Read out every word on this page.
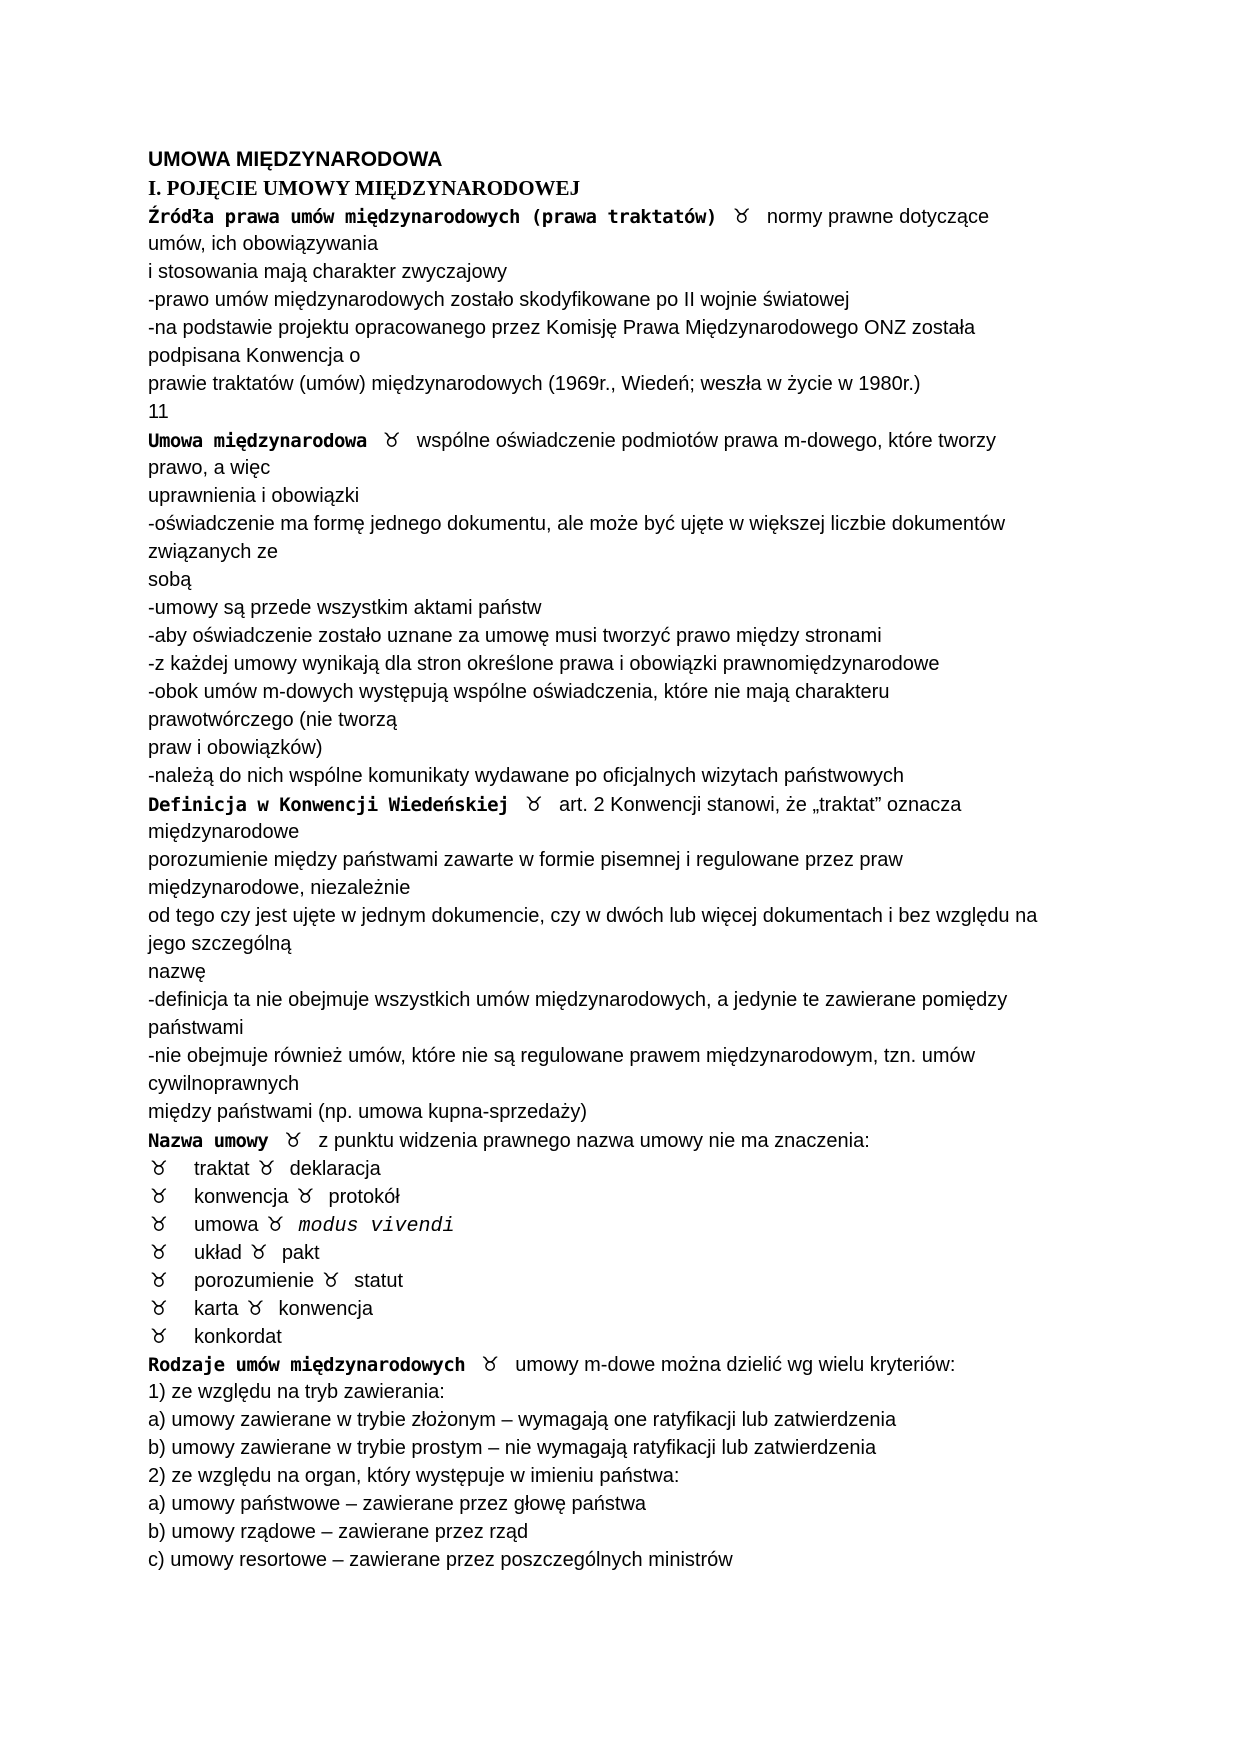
UMOWA MIĘDZYNARODOWA
I. POJĘCIE UMOWY MIĘDZYNARODOWEJ
Źródła prawa umów międzynarodowych (prawa traktatów) ♉ normy prawne dotyczące
umów, ich obowiązywania
i stosowania mają charakter zwyczajowy
-prawo umów międzynarodowych zostało skodyfikowane po II wojnie światowej
-na podstawie projektu opracowanego przez Komisję Prawa Międzynarodowego ONZ została
podpisana Konwencja o
prawie traktatów (umów) międzynarodowych (1969r., Wiedeń; weszła w życie w 1980r.)
11
Umowa międzynarodowa ♉ wspólne oświadczenie podmiotów prawa m-dowego, które tworzy
prawo, a więc
uprawnienia i obowiązki
-oświadczenie ma formę jednego dokumentu, ale może być ujęte w większej liczbie dokumentów
związanych ze
sobą
-umowy są przede wszystkim aktami państw
-aby oświadczenie zostało uznane za umowę musi tworzyć prawo między stronami
-z każdej umowy wynikają dla stron określone prawa i obowiązki prawnomiędzynarodowe
-obok umów m-dowych występują wspólne oświadczenia, które nie mają charakteru
prawotwórczego (nie tworzą
praw i obowiązków)
-należą do nich wspólne komunikaty wydawane po oficjalnych wizytach państwowych
Definicja w Konwencji Wiedeńskiej ♉ art. 2 Konwencji stanowi, że „traktat” oznacza
międzynarodowe
porozumienie między państwami zawarte w formie pisemnej i regulowane przez praw
międzynarodowe, niezależnie
od tego czy jest ujęte w jednym dokumencie, czy w dwóch lub więcej dokumentach i bez względu na
jego szczególną
nazwę
-definicja ta nie obejmuje wszystkich umów międzynarodowych, a jedynie te zawierane pomiędzy
państwami
-nie obejmuje również umów, które nie są regulowane prawem międzynarodowym, tzn. umów
cywilnoprawnych
między państwami (np. umowa kupna-sprzedaży)
Nazwa umowy ♉ z punktu widzenia prawnego nazwa umowy nie ma znaczenia:
♉ traktat ♉ deklaracja
♉ konwencja ♉ protokół
♉ umowa ♉ modus vivendi
♉ układ ♉ pakt
♉ porozumienie ♉ statut
♉ karta ♉ konwencja
♉ konkordat
Rodzaje umów międzynarodowych ♉ umowy m-dowe można dzielić wg wielu kryteriów:
1) ze względu na tryb zawierania:
a) umowy zawierane w trybie złożonym – wymagają one ratyfikacji lub zatwierdzenia
b) umowy zawierane w trybie prostym – nie wymagają ratyfikacji lub zatwierdzenia
2) ze względu na organ, który występuje w imieniu państwa:
a) umowy państwowe – zawierane przez głowę państwa
b) umowy rządowe – zawierane przez rząd
c) umowy resortowe – zawierane przez poszczególnych ministrów
